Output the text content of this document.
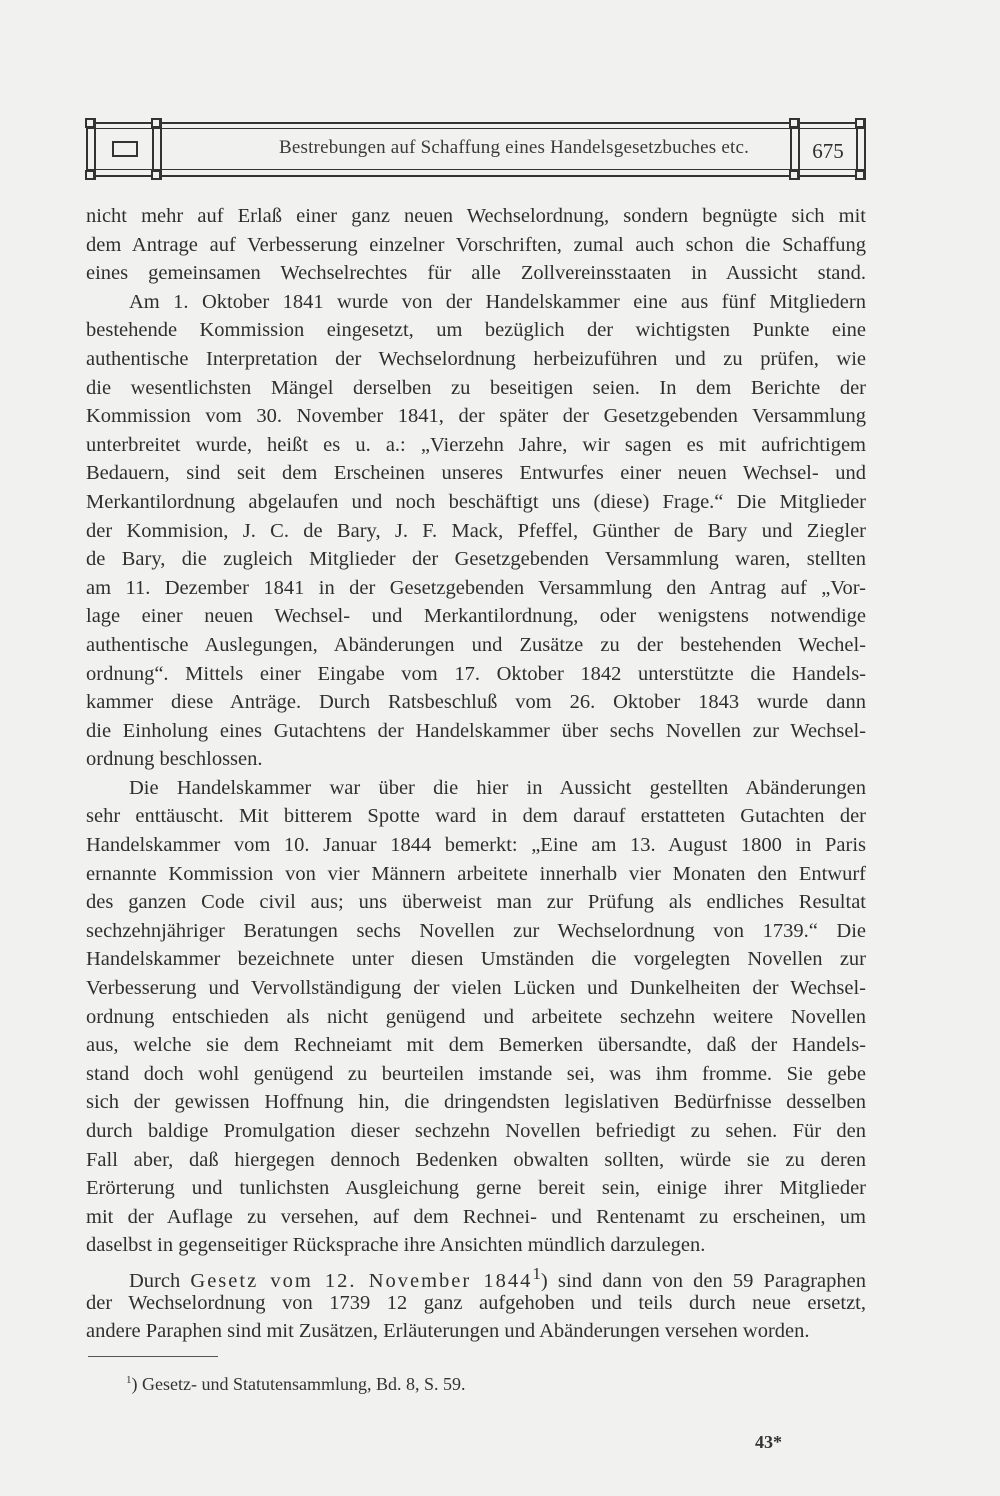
Bestrebungen auf Schaffung eines Handelsgesetzbuches etc.	675
nicht mehr auf Erlaß einer ganz neuen Wechselordnung, sondern begnügte sich mit
dem Antrage auf Verbesserung einzelner Vorschriften, zumal auch schon die Schaffung
eines gemeinsamen Wechselrechtes für alle Zollvereinsstaaten in Aussicht stand.
Am 1. Oktober 1841 wurde von der Handelskammer eine aus fünf Mitgliedern
bestehende Kommission eingesetzt, um bezüglich der wichtigsten Punkte eine
authentische Interpretation der Wechselordnung herbeizuführen und zu prüfen, wie
die wesentlichsten Mängel derselben zu beseitigen seien. In dem Berichte der
Kommission vom 30. November 1841, der später der Gesetzgebenden Versammlung
unterbreitet wurde, heißt es u. a.: „Vierzehn Jahre, wir sagen es mit aufrichtigem
Bedauern, sind seit dem Erscheinen unseres Entwurfes einer neuen Wechsel- und
Merkantilordnung abgelaufen und noch beschäftigt uns (diese) Frage.“ Die Mitglieder
der Kommision, J. C. de Bary, J. F. Mack, Pfeffel, Günther de Bary und Ziegler
de Bary, die zugleich Mitglieder der Gesetzgebenden Versammlung waren, stellten
am 11. Dezember 1841 in der Gesetzgebenden Versammlung den Antrag auf „Vor-
lage einer neuen Wechsel- und Merkantilordnung, oder wenigstens notwendige
authentische Auslegungen, Abänderungen und Zusätze zu der bestehenden Wechel-
ordnung“. Mittels einer Eingabe vom 17. Oktober 1842 unterstützte die Handels-
kammer diese Anträge. Durch Ratsbeschluß vom 26. Oktober 1843 wurde dann
die Einholung eines Gutachtens der Handelskammer über sechs Novellen zur Wechsel-
ordnung beschlossen.
Die Handelskammer war über die hier in Aussicht gestellten Abänderungen
sehr enttäuscht. Mit bitterem Spotte ward in dem darauf erstatteten Gutachten der
Handelskammer vom 10. Januar 1844 bemerkt: „Eine am 13. August 1800 in Paris
ernannte Kommission von vier Männern arbeitete innerhalb vier Monaten den Entwurf
des ganzen Code civil aus; uns überweist man zur Prüfung als endliches Resultat
sechzehnjähriger Beratungen sechs Novellen zur Wechselordnung von 1739.“ Die
Handelskammer bezeichnete unter diesen Umständen die vorgelegten Novellen zur
Verbesserung und Vervollständigung der vielen Lücken und Dunkelheiten der Wechsel-
ordnung entschieden als nicht genügend und arbeitete sechzehn weitere Novellen
aus, welche sie dem Rechneiamt mit dem Bemerken übersandte, daß der Handels-
stand doch wohl genügend zu beurteilen imstande sei, was ihm fromme. Sie gebe
sich der gewissen Hoffnung hin, die dringendsten legislativen Bedürfnisse desselben
durch baldige Promulgation dieser sechzehn Novellen befriedigt zu sehen. Für den
Fall aber, daß hiergegen dennoch Bedenken obwalten sollten, würde sie zu deren
Erörterung und tunlichsten Ausgleichung gerne bereit sein, einige ihrer Mitglieder
mit der Auflage zu versehen, auf dem Rechnei- und Rentenamt zu erscheinen, um
daselbst in gegenseitiger Rücksprache ihre Ansichten mündlich darzulegen.
Durch Gesetz vom 12. November 1844$^1$) sind dann von den 59 Paragraphen
der Wechselordnung von 1739 12 ganz aufgehoben und teils durch neue ersetzt,
andere Paraphen sind mit Zusätzen, Erläuterungen und Abänderungen versehen worden.
$^1$) Gesetz- und Statutensammlung, Bd. 8, S. 59.
43*
